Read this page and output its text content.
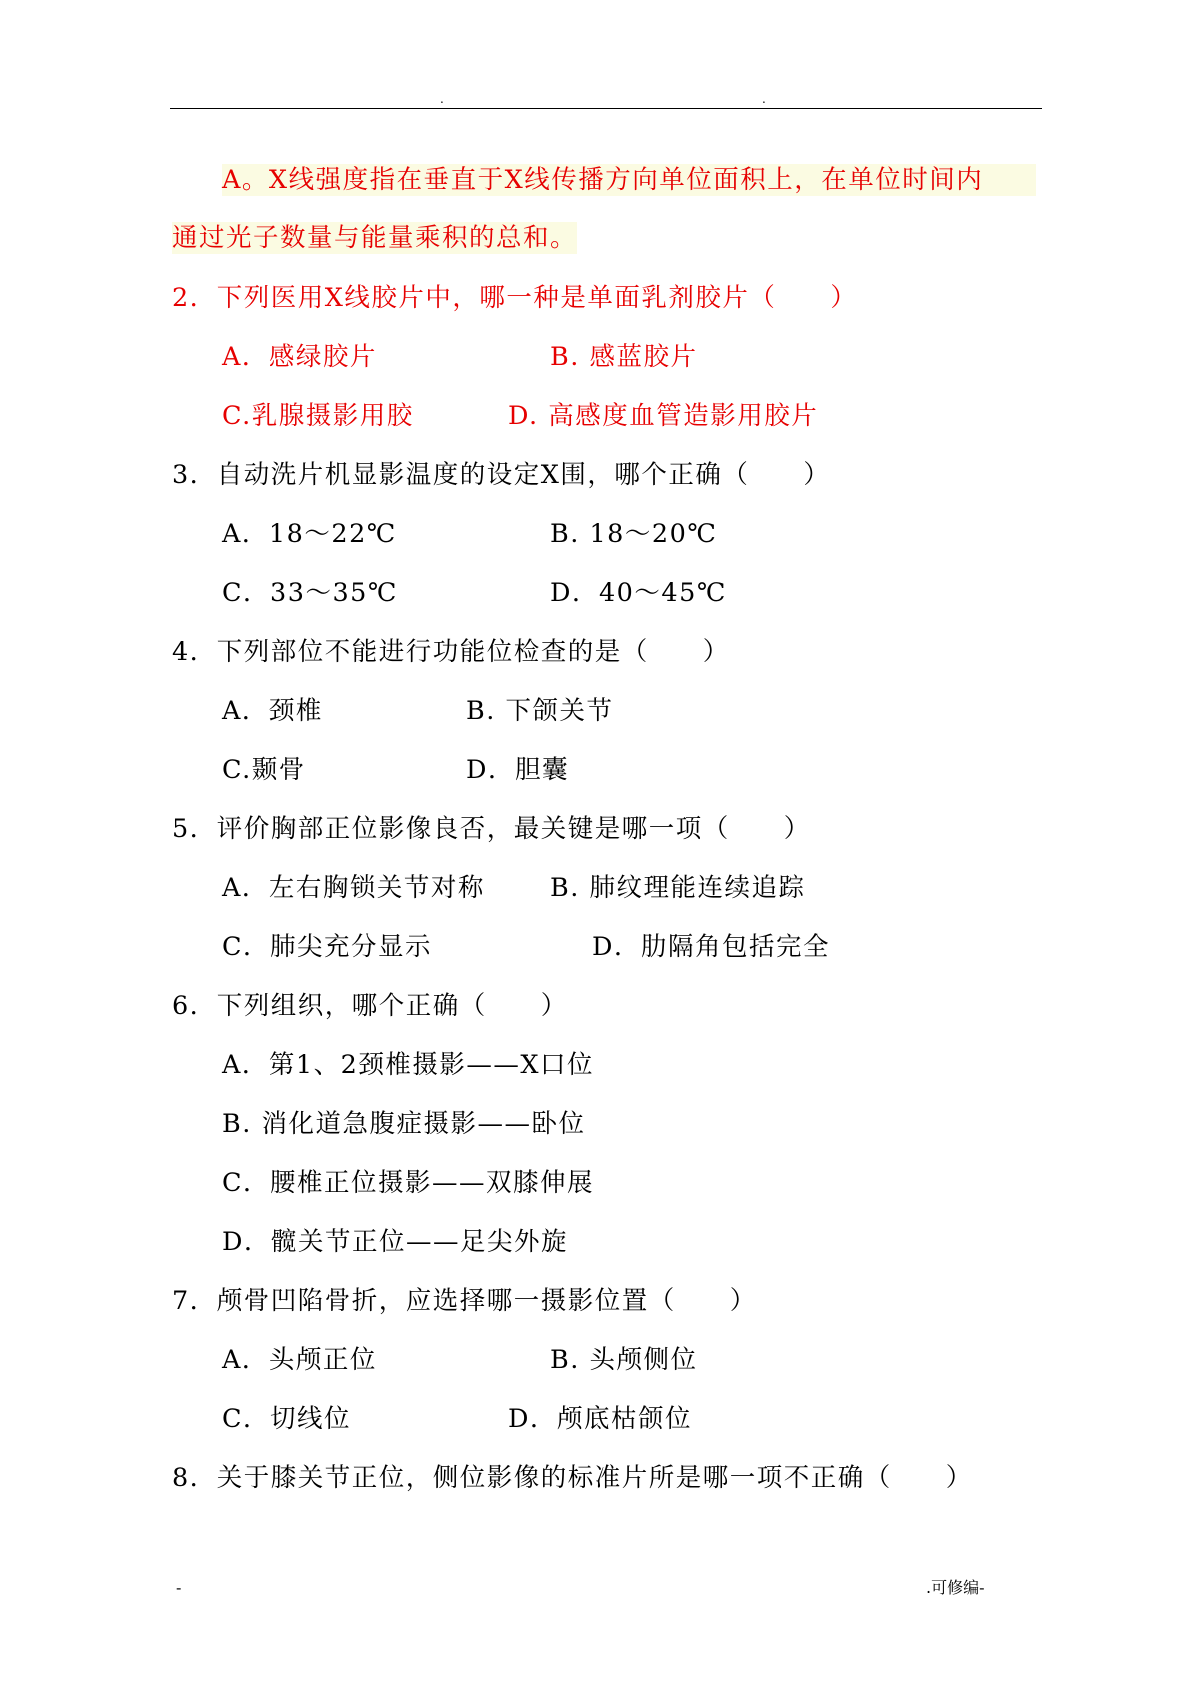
.	.
A。X线强度指在垂直于X线传播方向单位面积上，在单位时间内
通过光子数量与能量乘积的总和。
2．下列医用X线胶片中，哪一种是单面乳剂胶片（　　）
A．感绿胶片	B. 感蓝胶片
C.乳腺摄影用胶	D. 高感度血管造影用胶片
3．自动洗片机显影温度的设定X围，哪个正确（　　）
A．18～22℃	B. 18～20℃
C．33～35℃	D．40～45℃
4．下列部位不能进行功能位检查的是（　　）
A．颈椎	B. 下颌关节
C.颞骨	D．胆囊
5．评价胸部正位影像良否，最关键是哪一项（　　）
A．左右胸锁关节对称	B. 肺纹理能连续追踪
C．肺尖充分显示	D．肋隔角包括完全
6．下列组织，哪个正确（　　）
A．第1、2颈椎摄影——X口位
B. 消化道急腹症摄影——卧位
C．腰椎正位摄影——双膝伸展
D．髋关节正位——足尖外旋
7．颅骨凹陷骨折，应选择哪一摄影位置（　　）
A．头颅正位	B. 头颅侧位
C．切线位	D．颅底枯颌位
8．关于膝关节正位，侧位影像的标准片所是哪一项不正确（　　）
-	.可修编-
